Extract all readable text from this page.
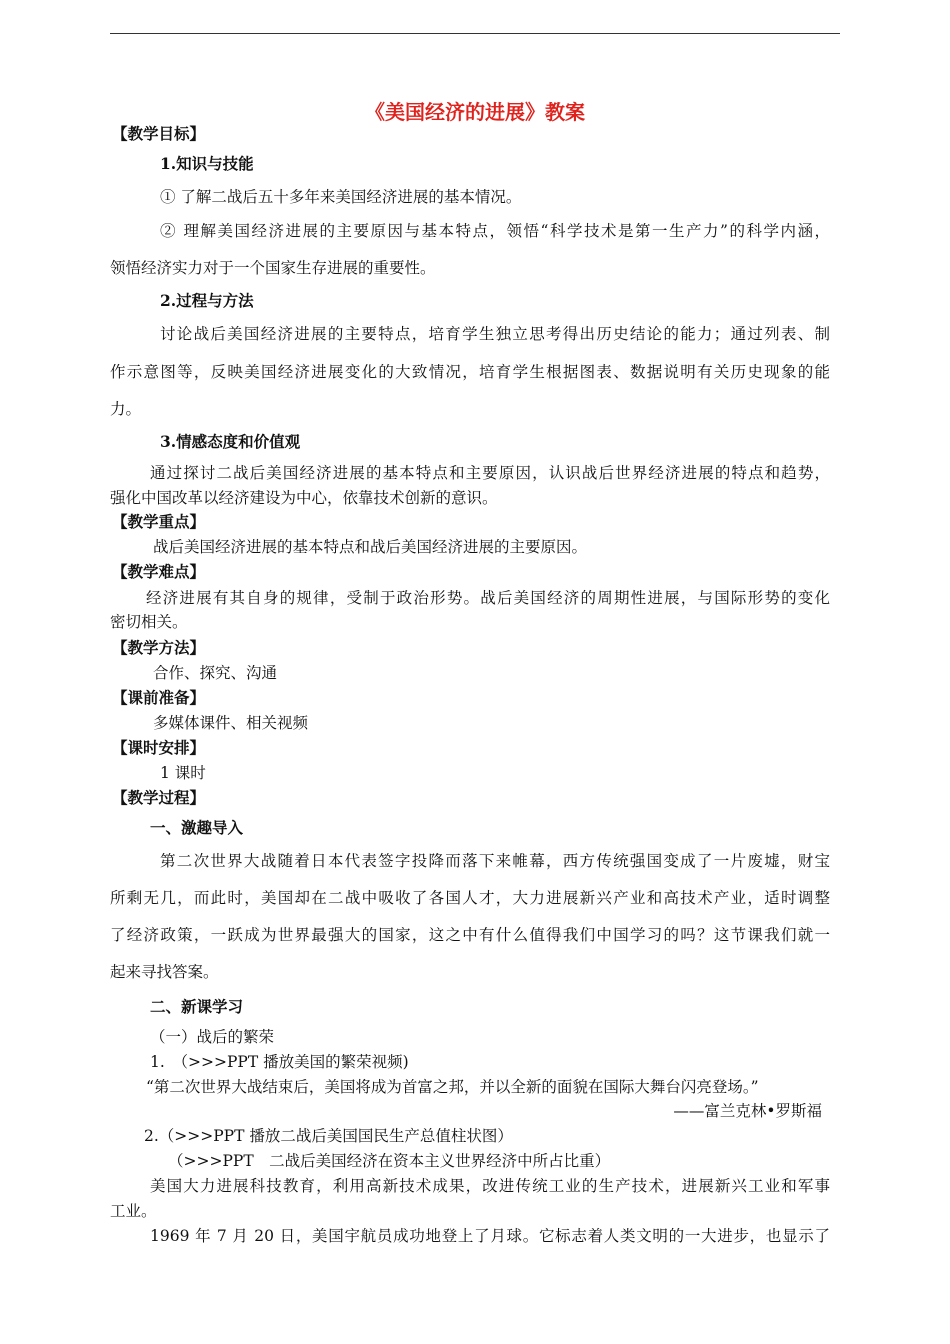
《美国经济的进展》教案
【教学目标】
1.知识与技能
① 了解二战后五十多年来美国经济进展的基本情况。
② 理解美国经济进展的主要原因与基本特点，领悟“科学技术是第一生产力”的科学内涵，
领悟经济实力对于一个国家生存进展的重要性。
2.过程与方法
讨论战后美国经济进展的主要特点，培育学生独立思考得出历史结论的能力；通过列表、制
作示意图等，反映美国经济进展变化的大致情况，培育学生根据图表、数据说明有关历史现象的能
力。
3.情感态度和价值观
通过探讨二战后美国经济进展的基本特点和主要原因，认识战后世界经济进展的特点和趋势，
强化中国改革以经济建设为中心，依靠技术创新的意识。
【教学重点】
战后美国经济进展的基本特点和战后美国经济进展的主要原因。
【教学难点】
经济进展有其自身的规律，受制于政治形势。战后美国经济的周期性进展，与国际形势的变化
密切相关。
【教学方法】
合作、探究、沟通
【课前准备】
多媒体课件、相关视频
【课时安排】
1 课时
【教学过程】
一、激趣导入
第二次世界大战随着日本代表签字投降而落下来帷幕，西方传统强国变成了一片废墟，财宝
所剩无几，而此时，美国却在二战中吸收了各国人才，大力进展新兴产业和高技术产业，适时调整
了经济政策，一跃成为世界最强大的国家，这之中有什么值得我们中国学习的吗？这节课我们就一
起来寻找答案。
二、新课学习
（一）战后的繁荣
1.　（>>>PPT 播放美国的繁荣视频)
“第二次世界大战结束后，美国将成为首富之邦，并以全新的面貌在国际大舞台闪亮登场。”
——富兰克林•罗斯福
2.（>>>PPT 播放二战后美国国民生产总值柱状图）
（>>>PPT　二战后美国经济在资本主义世界经济中所占比重）
美国大力进展科技教育，利用高新技术成果，改进传统工业的生产技术，进展新兴工业和军事
工业。
1969 年 7 月 20 日，美国宇航员成功地登上了月球。它标志着人类文明的一大进步，也显示了
